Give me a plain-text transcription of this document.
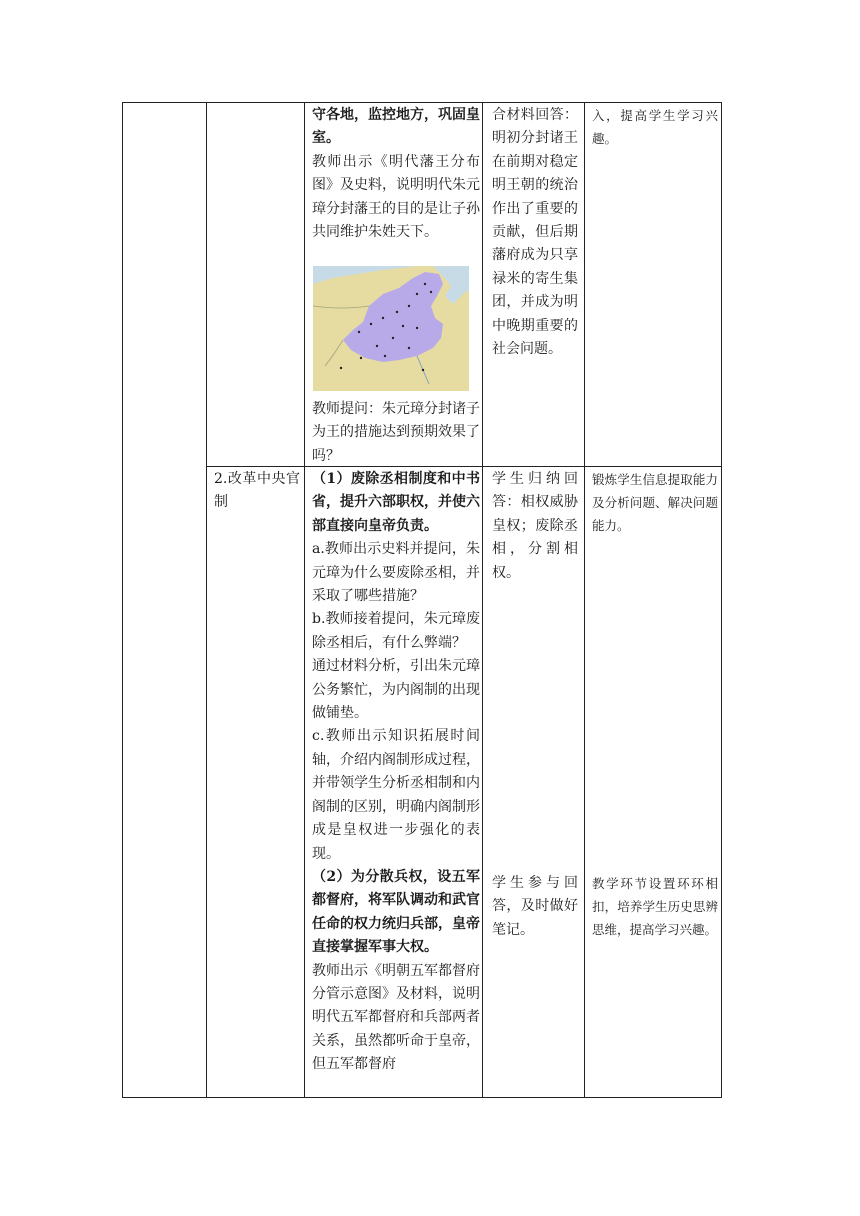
守各地，监控地方，巩固皇室。

教师出示《明代藩王分布图》及史料，说明明代朱元璋分封藩王的目的是让子孙共同维护朱姓天下。

教师提问：朱元璋分封诸子为王的措施达到预期效果了吗？

合材料回答：明初分封诸王在前期对稳定明王朝的统治作出了重要的贡献，但后期藩府成为只享禄米的寄生集团，并成为明中晚期重要的社会问题。

入，提高学生学习兴趣。

2.改革中央官制

（1）废除丞相制度和中书省，提升六部职权，并使六部直接向皇帝负责。

a.教师出示史料并提问，朱元璋为什么要废除丞相，并采取了哪些措施？

b.教师接着提问，朱元璋废除丞相后，有什么弊端？

通过材料分析，引出朱元璋公务繁忙，为内阁制的出现做铺垫。

c.教师出示知识拓展时间轴，介绍内阁制形成过程，并带领学生分析丞相制和内阁制的区别，明确内阁制形成是皇权进一步强化的表现。

（2）为分散兵权，设五军都督府，将军队调动和武官任命的权力统归兵部，皇帝直接掌握军事大权。

教师出示《明朝五军都督府分管示意图》及材料，说明明代五军都督府和兵部两者关系，虽然都听命于皇帝，但五军都督府

学生归纳回答：相权威胁皇权；废除丞相，分割相权。

学生参与回答，及时做好笔记。

锻炼学生信息提取能力及分析问题、解决问题能力。

教学环节设置环环相扣，培养学生历史思辨思维，提高学习兴趣。
